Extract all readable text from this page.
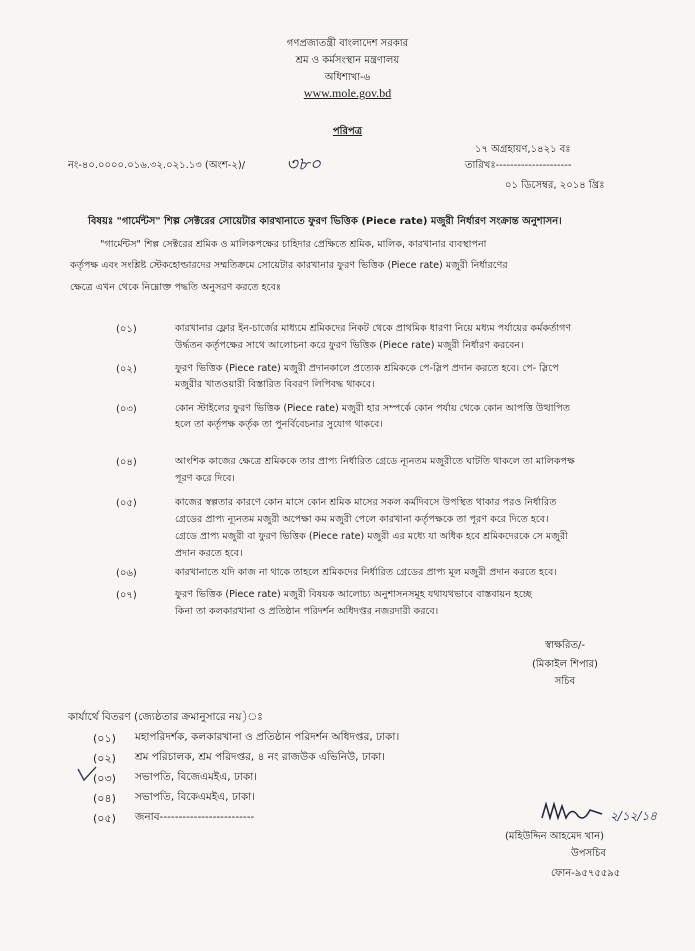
গণপ্রজাতন্ত্রী বাংলাদেশ সরকার
শ্রম ও কর্মসংস্থান মন্ত্রণালয়
অধিশাখা-৬
www.mole.gov.bd
পরিপত্র
১৭ অগ্রহায়ণ,১৪২১ বঃ
নং-৪০.০০০০.০১৬.৩২.০২১.১৩ (অংশ-২)/ ৩৮০	তারিখঃ---------------------
০১ ডিসেম্বর, ২০১৪ খ্রিঃ
বিষয়ঃ "গার্মেন্টস" শিল্প সেক্টরের সোয়েটার কারখানাতে ফুরণ ভিত্তিক (Piece rate) মজুরী নির্ধারণ সংক্রান্ত অনুশাসন।
"গার্মেন্টস" শিল্প সেক্টরের শ্রমিক ও মালিকপক্ষের চাহিদার প্রেক্ষিতে শ্রমিক, মালিক, কারখানার ব্যবস্থাপনা
কর্তৃপক্ষ এবং সংশ্লিষ্ট স্টেকহোল্ডারদের সম্মতিক্রমে সোয়েটার কারখানার ফুরণ ভিত্তিক (Piece rate) মজুরী নির্ধারণের
ক্ষেত্রে এখন থেকে নিম্নোক্ত পদ্ধতি অনুসরণ করতে হবেঃ
(০১)	কারখানার ফ্লোর ইন-চার্জের মাধ্যমে শ্রমিকদের নিকট থেকে প্রাথমিক ধারণা নিয়ে মধ্যম পর্যায়ের কর্মকর্তাগণ
উর্দ্ধতন কর্তৃপক্ষের সাথে আলোচনা করে ফুরণ ভিত্তিক (Piece rate) মজুরী নির্ধারণ করবেন।
(০২)	ফুরণ ভিত্তিক (Piece rate) মজুরী প্রদানকালে প্রত্যেক শ্রমিককে পে-স্লিপ প্রদান করতে হবে। পে- স্লিপে
মজুরীর খাতওয়ারী বিস্তারিত বিবরণ লিপিবদ্ধ থাকবে।
(০৩)	কোন স্টাইলের ফুরণ ভিত্তিক (Piece rate) মজুরী হার সম্পর্কে কোন পর্যায় থেকে কোন আপত্তি উত্থাপিত
হলে তা কর্তৃপক্ষ কর্তৃক তা পুনর্বিবেচনার সুযোগ থাকবে।
(০৪)	আংশিক কাজের ক্ষেত্রে শ্রমিককে তার প্রাপ্য নির্ধারিত গ্রেডে ন্যূনতম মজুরীতে ঘাটতি থাকলে তা মালিকপক্ষ
পূরণ করে দিবে।
(০৫)	কাজের স্বল্পতার কারণে কোন মাসে কোন শ্রমিক মাসের সকল কর্মদিবসে উপস্থিত থাকার পরও নির্ধারিত
গ্রেডের প্রাপ্য ন্যূনতম মজুরী অপেক্ষা কম মজুরী পেলে কারখানা কর্তৃপক্ষকে তা পূরণ করে দিতে হবে।
গ্রেডে প্রাপ্য মজুরী বা ফুরণ ভিত্তিক (Piece rate) মজুরী এর মধ্যে যা অধিক হবে শ্রমিকদেরকে সে মজুরী
প্রদান করতে হবে।
(০৬)	কারখানাতে যদি কাজ না থাকে তাহলে শ্রমিকদের নির্ধারিত গ্রেডের প্রাপ্য মূল মজুরী প্রদান করতে হবে।
(০৭)	ফুরণ ভিত্তিক (Piece rate) মজুরী বিষয়ক আলোচ্য অনুশাসনসমূহ যথাযথভাবে বাস্তবায়ন হচ্ছে
কিনা তা কলকারখানা ও প্রতিষ্ঠান পরিদর্শন অধিদপ্তর নজরদারী করবে।
স্বাক্ষরিত/-
(মিকাইল শিপার)
সচিব
কার্যার্থে বিতরণ (জ্যেষ্ঠতার ক্রমানুসারে নয়)ঃ
(০১) মহাপরিদর্শক, কলকারখানা ও প্রতিষ্ঠান পরিদর্শন অধিদপ্তর, ঢাকা।
(০২) শ্রম পরিচালক, শ্রম পরিদপ্তর, ৪ নং রাজউক এভিনিউ, ঢাকা।
(০৩) সভাপতি, বিজেএমইএ, ঢাকা।
(০৪) সভাপতি, বিকেএমইএ, ঢাকা।
(০৫) জনাব-------------------------	২/১২/১৪
(মহিউদ্দিন আহমেদ খান)
উপসচিব
ফোন-৯৫৭৫৫৯৫
